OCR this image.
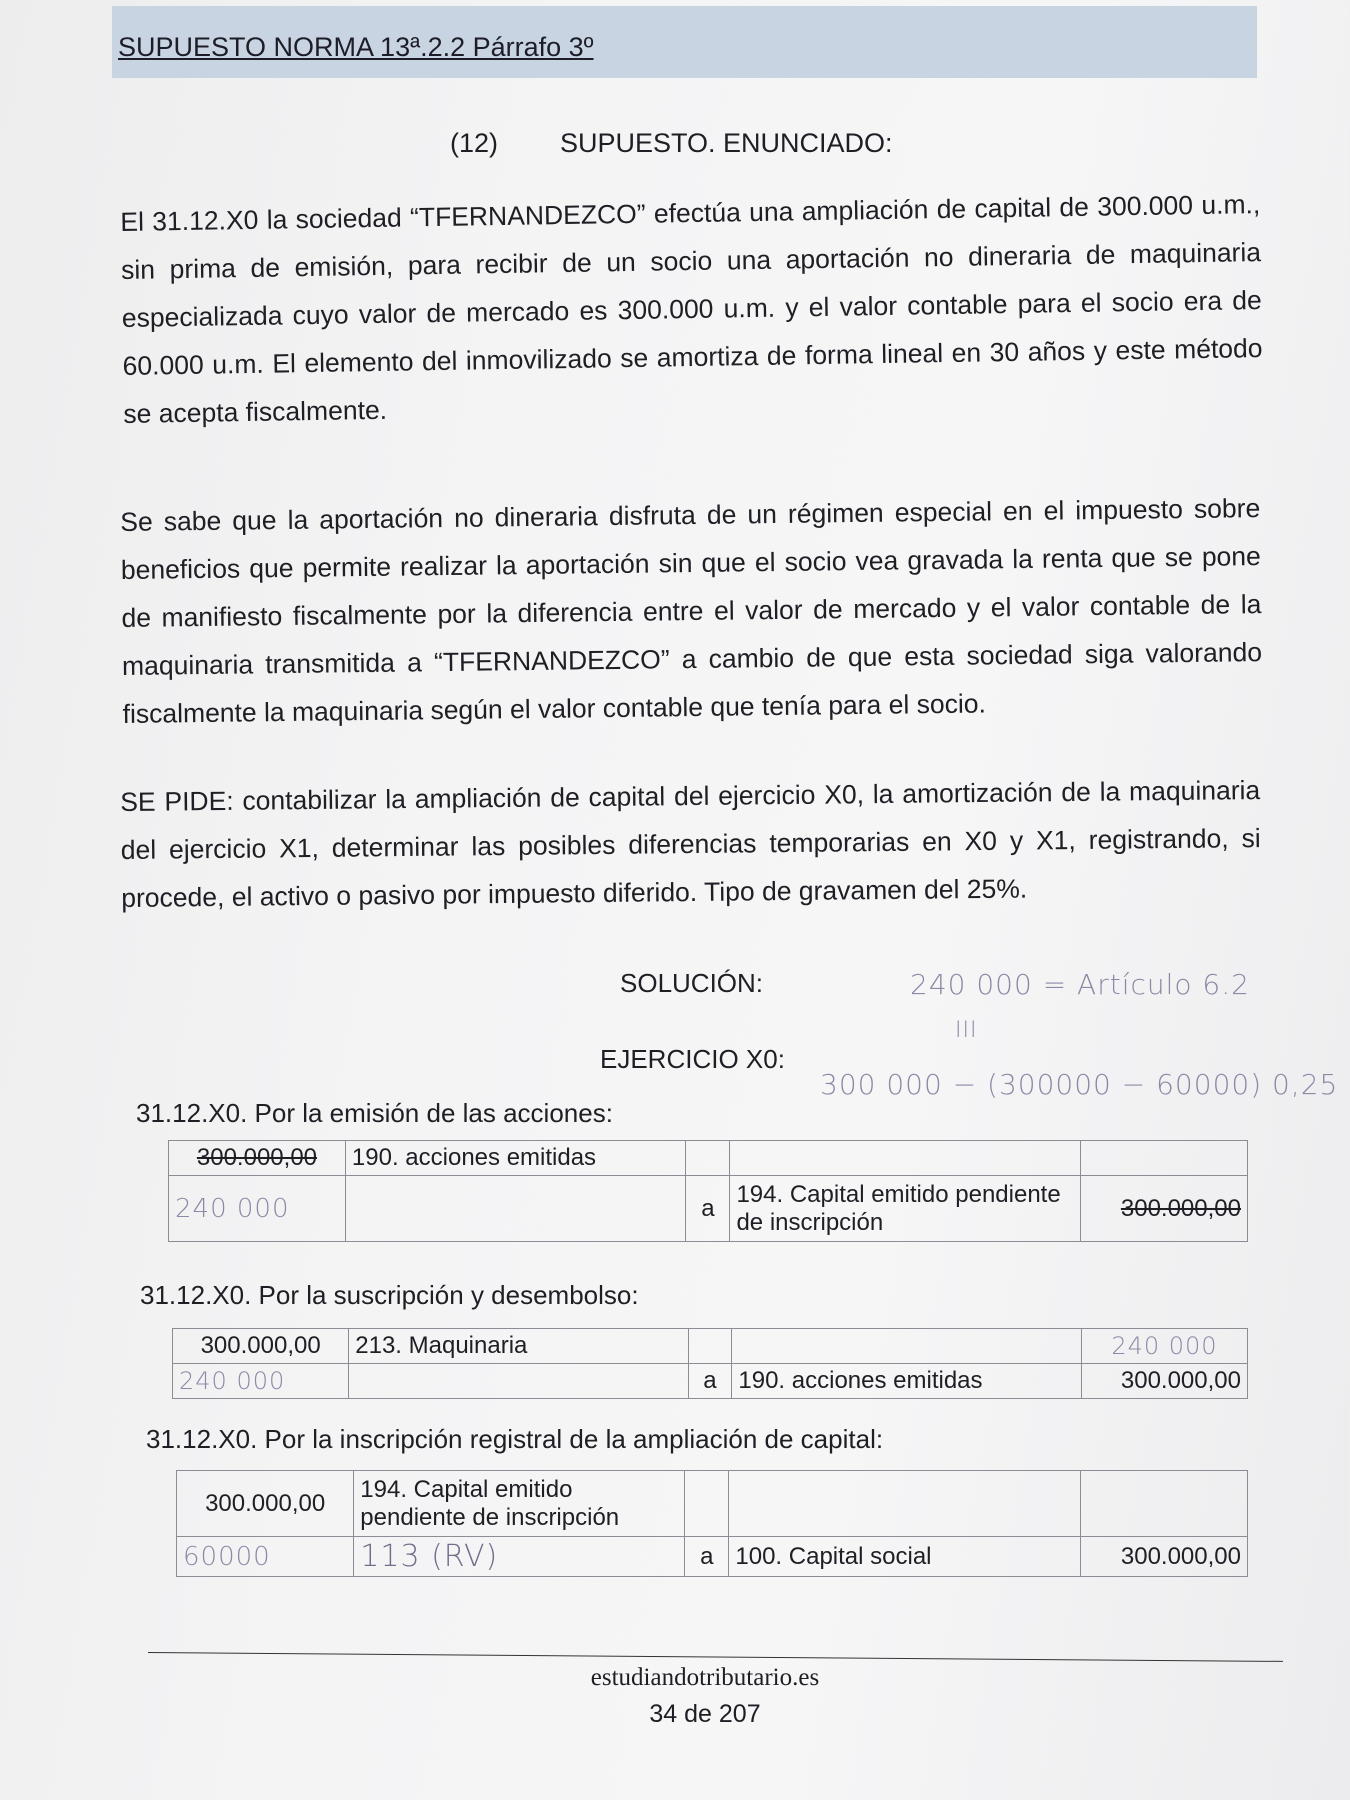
SUPUESTO NORMA 13ª.2.2 Párrafo 3º
(12) SUPUESTO. ENUNCIADO:
El 31.12.X0 la sociedad “TFERNANDEZCO” efectúa una ampliación de capital de 300.000 u.m., sin prima de emisión, para recibir de un socio una aportación no dineraria de maquinaria especializada cuyo valor de mercado es 300.000 u.m. y el valor contable para el socio era de 60.000 u.m. El elemento del inmovilizado se amortiza de forma lineal en 30 años y este método se acepta fiscalmente.
Se sabe que la aportación no dineraria disfruta de un régimen especial en el impuesto sobre beneficios que permite realizar la aportación sin que el socio vea gravada la renta que se pone de manifiesto fiscalmente por la diferencia entre el valor de mercado y el valor contable de la maquinaria transmitida a “TFERNANDEZCO” a cambio de que esta sociedad siga valorando fiscalmente la maquinaria según el valor contable que tenía para el socio.
SE PIDE: contabilizar la ampliación de capital del ejercicio X0, la amortización de la maquinaria del ejercicio X1, determinar las posibles diferencias temporarias en X0 y X1, registrando, si procede, el activo o pasivo por impuesto diferido. Tipo de gravamen del 25%.
SOLUCIÓN:
EJERCICIO X0:
240 000 = Artículo 6.2
III
300 000 − (300000 − 60000) 0,25
31.12.X0. Por la emisión de las acciones:
300.000,00	190. acciones emitidas			
240 000		a	194. Capital emitido pendiente de inscripción	300.000,00
31.12.X0. Por la suscripción y desembolso:
300.000,00	213. Maquinaria			240 000
240 000		a	190. acciones emitidas	300.000,00
31.12.X0. Por la inscripción registral de la ampliación de capital:
300.000,00	194. Capital emitido pendiente de inscripción			
60000	113 (RV)	a	100. Capital social	300.000,00
estudiandotributario.es
34 de 207
